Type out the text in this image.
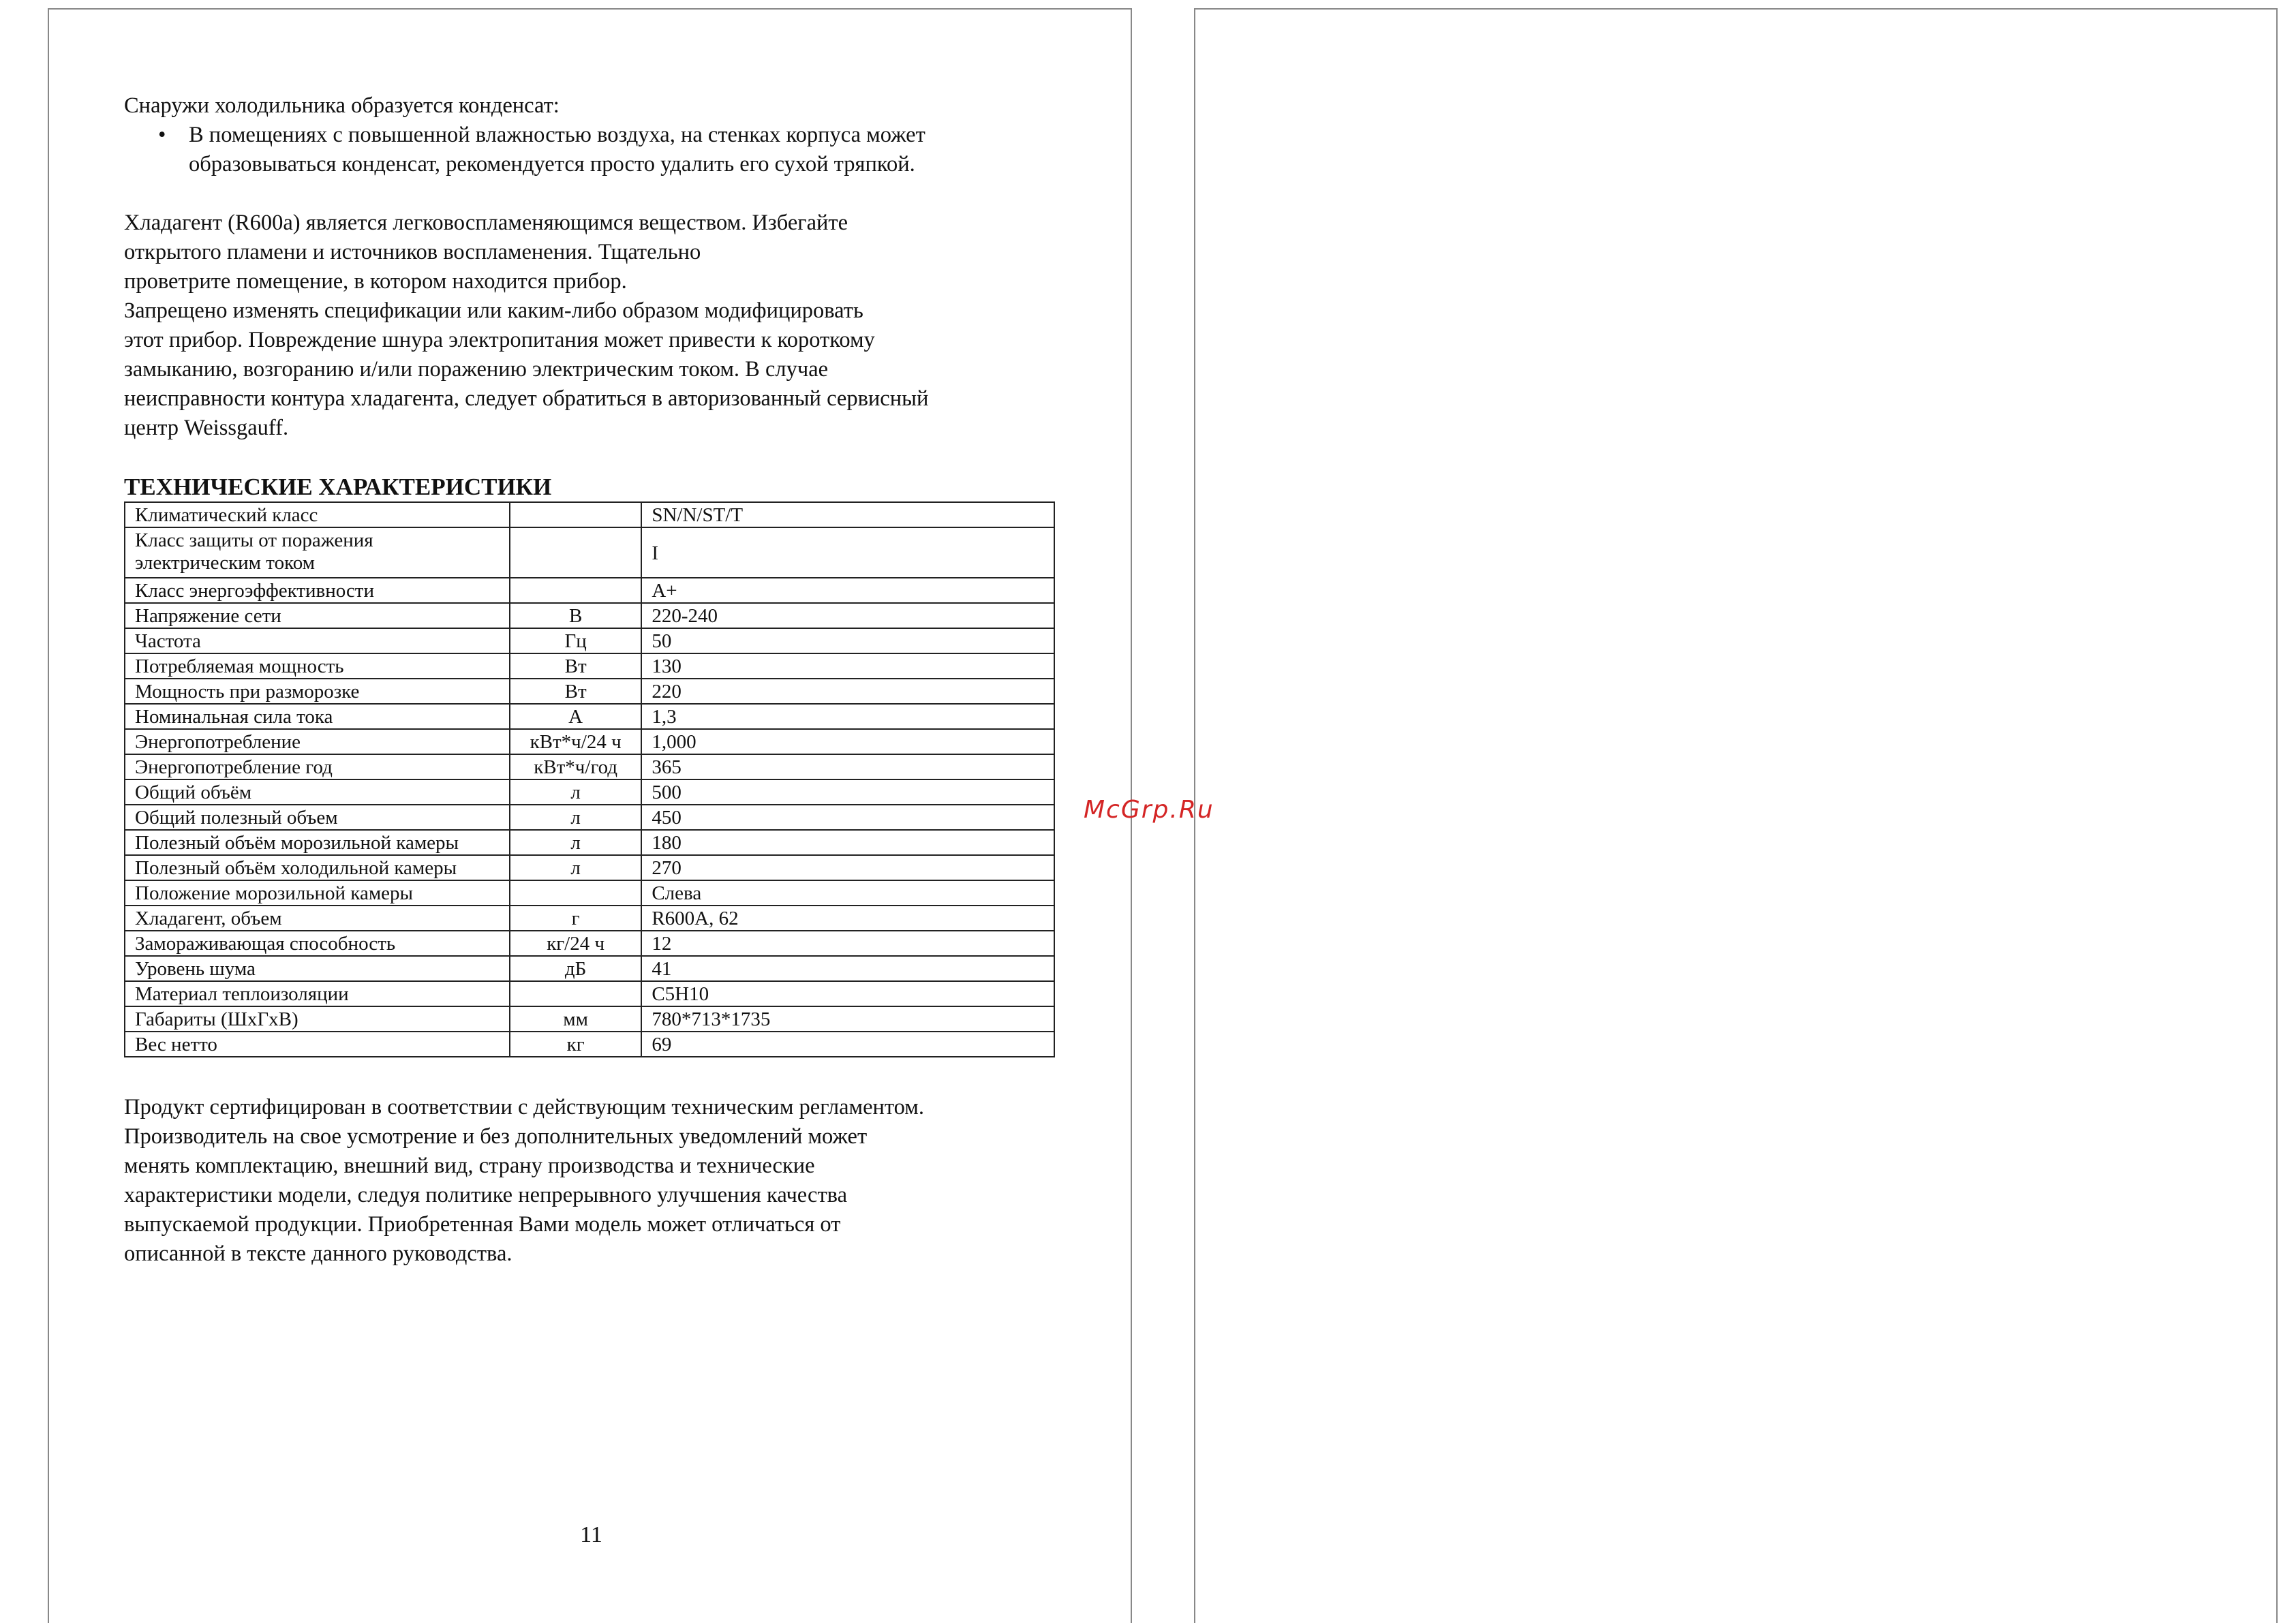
Снаружи холодильника образуется конденсат:

• В помещениях с повышенной влажностью воздуха, на стенках корпуса может
образовываться конденсат, рекомендуется просто удалить его сухой тряпкой.
Хладагент (R600a) является легковоспламеняющимся веществом. Избегайте
открытого пламени и источников воспламенения. Тщательно
проветрите помещение, в котором находится прибор.
Запрещено изменять спецификации или каким-либо образом модифицировать
этот прибор. Повреждение шнура электропитания может привести к короткому
замыканию, возгоранию и/или поражению электрическим током. В случае
неисправности контура хладагента, следует обратиться в авторизованный сервисный
центр Weissgauff.
ТЕХНИЧЕСКИЕ ХАРАКТЕРИСТИКИ
Климатический класс		SN/N/ST/T
Класс защиты от поражения электрическим током		I
Класс энергоэффективности		A+
Напряжение сети	В	220-240
Частота	Гц	50
Потребляемая мощность	Вт	130
Мощность при разморозке	Вт	220
Номинальная сила тока	А	1,3
Энергопотребление	кВт*ч/24 ч	1,000
Энергопотребление год	кВт*ч/год	365
Общий объём	л	500
Общий полезный объем	л	450
Полезный объём морозильной камеры	л	180
Полезный объём холодильной камеры	л	270
Положение морозильной камеры		Слева
Хладагент, объем	г	R600A, 62
Замораживающая способность	кг/24 ч	12
Уровень шума	дБ	41
Материал теплоизоляции		C5H10
Габариты (ШхГхВ)	мм	780*713*1735
Вес нетто	кг	69
Продукт сертифицирован в соответствии с действующим техническим регламентом.
Производитель на свое усмотрение и без дополнительных уведомлений может
менять комплектацию, внешний вид, страну производства и технические
характеристики модели, следуя политике непрерывного улучшения качества
выпускаемой продукции. Приобретенная Вами модель может отличаться от
описанной в тексте данного руководства.
11
McGrp.Ru
